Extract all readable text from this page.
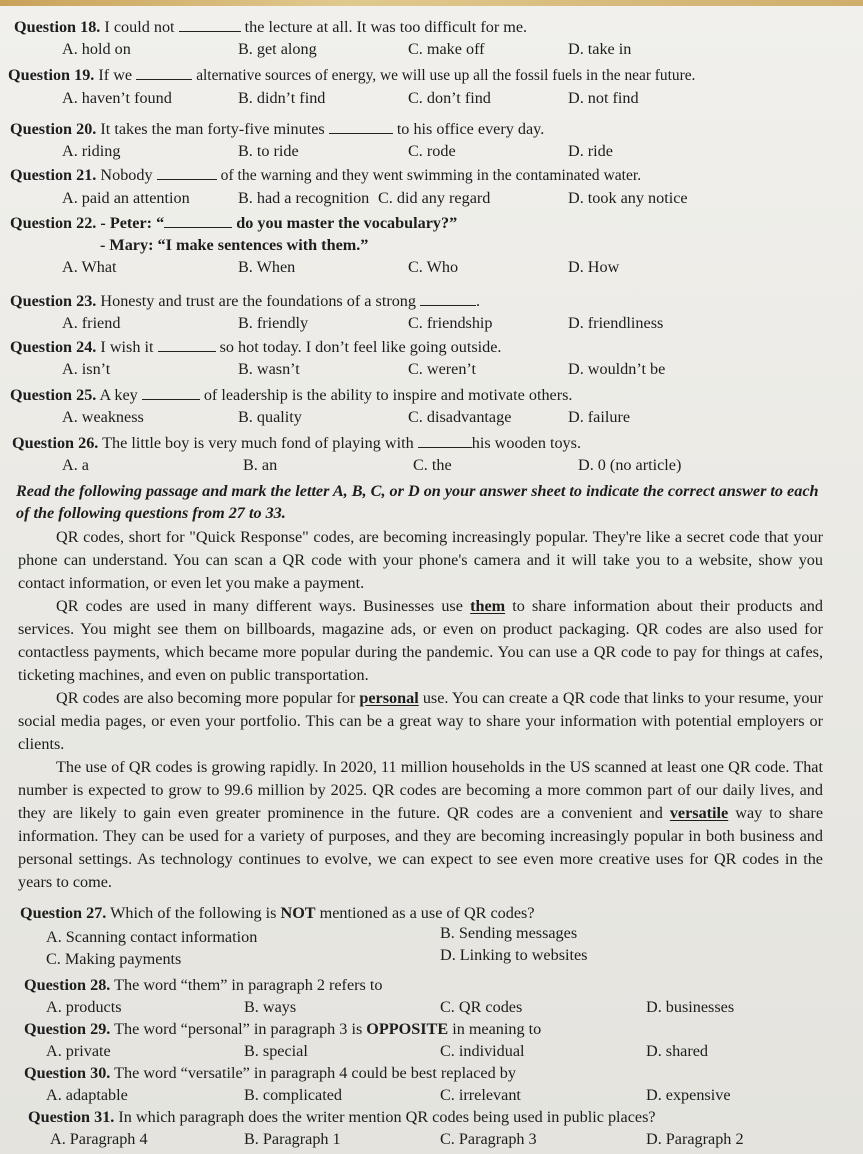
Question 18. I could not	the lecture at all. It was too difficult for me.
A. hold on	B. get along	C. make off	D. take in
Question 19. If we	alternative sources of energy, we will use up all the fossil fuels in the near future.
A. haven’t found	B. didn’t find	C. don’t find	D. not find
Question 20. It takes the man forty-five minutes	to his office every day.
A. riding	B. to ride	C. rode	D. ride
Question 21. Nobody	of the warning and they went swimming in the contaminated water.
A. paid an attention	B. had a recognition C. did any regard	D. took any notice
Question 22. - Peter: “	do you master the vocabulary?”
- Mary: “I make sentences with them.”
A. What	B. When	C. Who	D. How
Question 23. Honesty and trust are the foundations of a strong	.
A. friend	B. friendly	C. friendship	D. friendliness
Question 24. I wish it	so hot today. I don’t feel like going outside.
A. isn’t	B. wasn’t	C. weren’t	D. wouldn’t be
Question 25. A key	of leadership is the ability to inspire and motivate others.
A. weakness	B. quality	C. disadvantage	D. failure
Question 26. The little boy is very much fond of playing with	his wooden toys.
A. a	B. an	C. the	D. 0 (no article)
Read the following passage and mark the letter A, B, C, or D on your answer sheet to indicate the correct answer to each of the following questions from 27 to 33.

QR codes, short for "Quick Response" codes, are becoming increasingly popular. They're like a secret code that your phone can understand. You can scan a QR code with your phone's camera and it will take you to a website, show you contact information, or even let you make a payment.

QR codes are used in many different ways. Businesses use them to share information about their products and services. You might see them on billboards, magazine ads, or even on product packaging. QR codes are also used for contactless payments, which became more popular during the pandemic. You can use a QR code to pay for things at cafes, ticketing machines, and even on public transportation.

QR codes are also becoming more popular for personal use. You can create a QR code that links to your resume, your social media pages, or even your portfolio. This can be a great way to share your information with potential employers or clients.

The use of QR codes is growing rapidly. In 2020, 11 million households in the US scanned at least one QR code. That number is expected to grow to 99.6 million by 2025. QR codes are becoming a more common part of our daily lives, and they are likely to gain even greater prominence in the future. QR codes are a convenient and versatile way to share information. They can be used for a variety of purposes, and they are becoming increasingly popular in both business and personal settings. As technology continues to evolve, we can expect to see even more creative uses for QR codes in the years to come.

Question 27. Which of the following is NOT mentioned as a use of QR codes?
A. Scanning contact information	B. Sending messages
C. Making payments	D. Linking to websites
Question 28. The word “them” in paragraph 2 refers to
A. products	B. ways	C. QR codes	D. businesses
Question 29. The word “personal” in paragraph 3 is OPPOSITE in meaning to
A. private	B. special	C. individual	D. shared
Question 30. The word “versatile” in paragraph 4 could be best replaced by
A. adaptable	B. complicated	C. irrelevant	D. expensive
Question 31. In which paragraph does the writer mention QR codes being used in public places?
A. Paragraph 4	B. Paragraph 1	C. Paragraph 3	D. Paragraph 2
